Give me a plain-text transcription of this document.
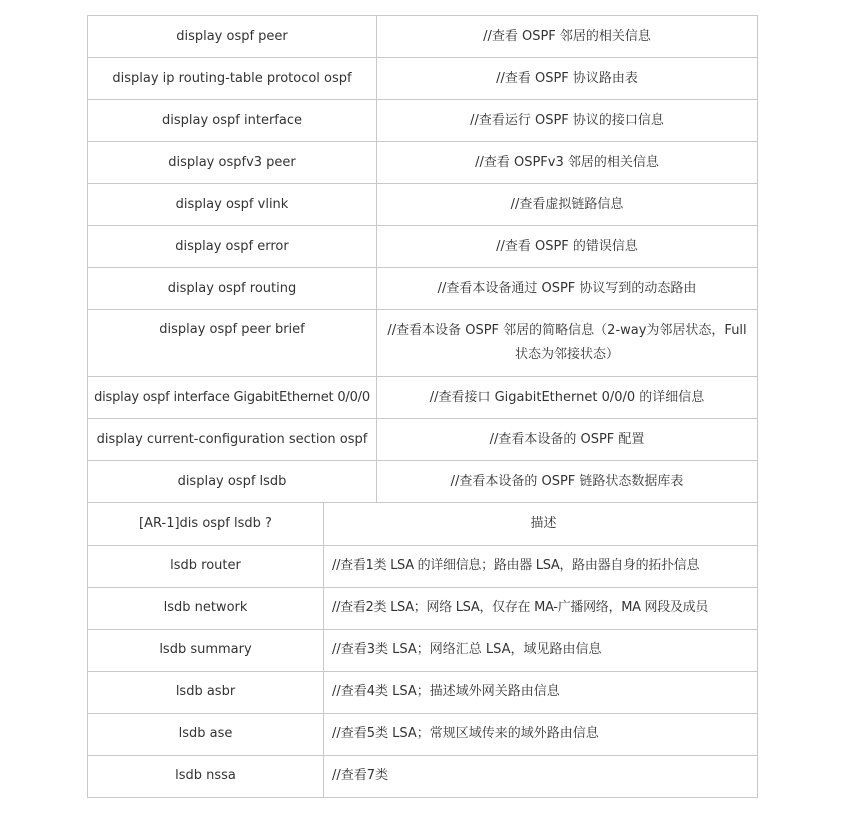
display ospf peer	//查看 OSPF 邻居的相关信息
display ip routing-table protocol ospf	//查看 OSPF 协议路由表
display ospf interface	//查看运行 OSPF 协议的接口信息
display ospfv3 peer	//查看 OSPFv3 邻居的相关信息
display ospf vlink	//查看虚拟链路信息
display ospf error	//查看 OSPF 的错误信息
display ospf routing	//查看本设备通过 OSPF 协议写到的动态路由
display ospf peer brief	//查看本设备 OSPF 邻居的简略信息（2-way为邻居状态，Full状态为邻接状态）
display ospf interface GigabitEthernet 0/0/0	//查看接口 GigabitEthernet 0/0/0 的详细信息
display current-configuration section ospf	//查看本设备的 OSPF 配置
display ospf lsdb	//查看本设备的 OSPF 链路状态数据库表
[AR-1]dis ospf lsdb ?	描述
lsdb router	//查看1类 LSA 的详细信息；路由器 LSA，路由器自身的拓扑信息
lsdb network	//查看2类 LSA；网络 LSA，仅存在 MA-广播网络，MA 网段及成员
lsdb summary	//查看3类 LSA；网络汇总 LSA，域见路由信息
lsdb asbr	//查看4类 LSA；描述域外网关路由信息
lsdb ase	//查看5类 LSA；常规区域传来的域外路由信息
lsdb nssa	//查看7类
